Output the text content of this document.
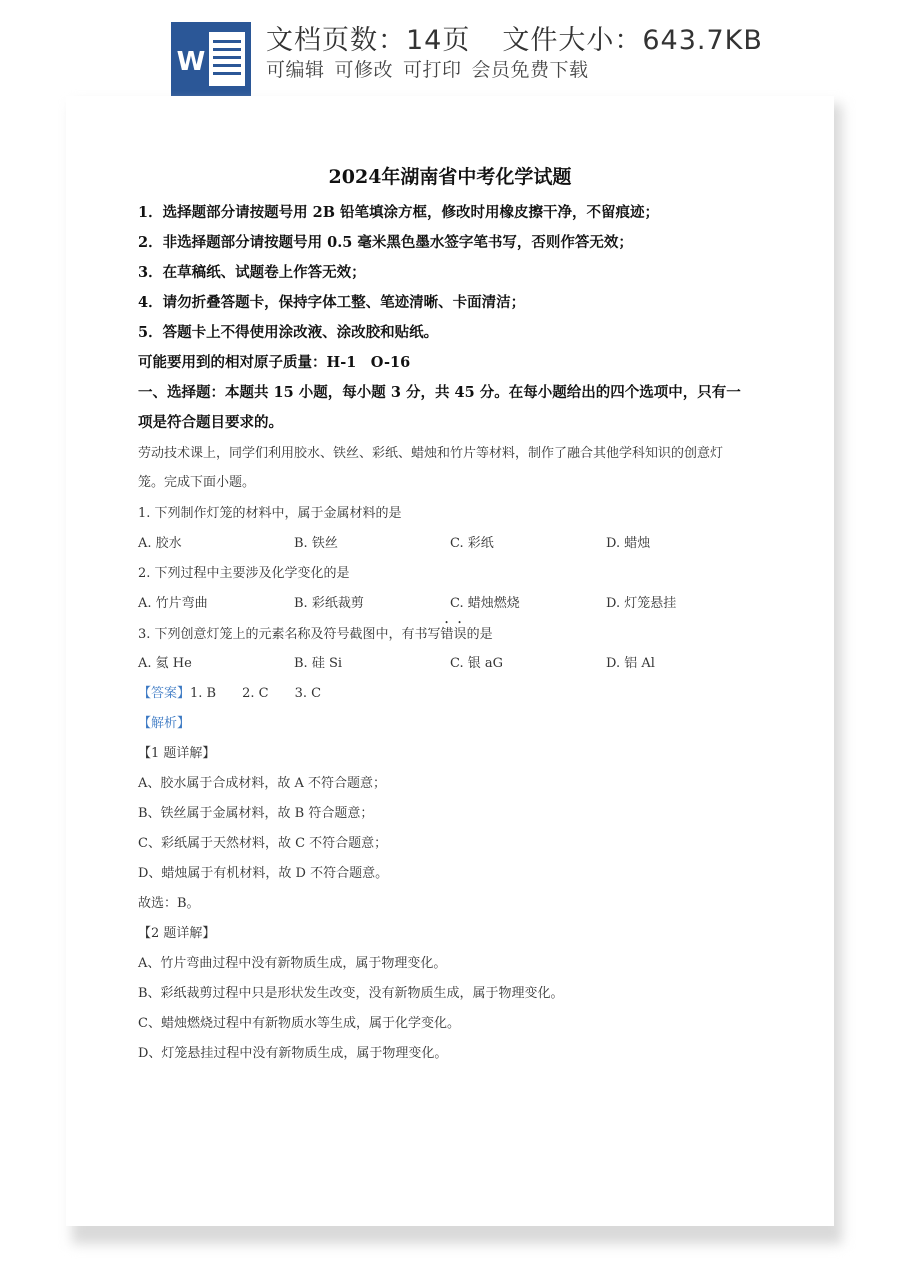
W
文档页数：14页 文件大小：643.7KB
可编辑 可修改 可打印 会员免费下载
2024年湖南省中考化学试题
1．选择题部分请按题号用 2B 铅笔填涂方框，修改时用橡皮擦干净，不留痕迹；
2．非选择题部分请按题号用 0.5 毫米黑色墨水签字笔书写，否则作答无效；
3．在草稿纸、试题卷上作答无效；
4．请勿折叠答题卡，保持字体工整、笔迹清晰、卡面清洁；
5．答题卡上不得使用涂改液、涂改胶和贴纸。
可能要用到的相对原子质量：H-1　O-16
一、选择题：本题共 15 小题，每小题 3 分，共 45 分。在每小题给出的四个选项中，只有一
项是符合题目要求的。
劳动技术课上，同学们利用胶水、铁丝、彩纸、蜡烛和竹片等材料，制作了融合其他学科知识的创意灯
笼。完成下面小题。
1. 下列制作灯笼的材料中，属于金属材料的是
A. 胶水	B. 铁丝	C. 彩纸	D. 蜡烛
2. 下列过程中主要涉及化学变化的是
A. 竹片弯曲	B. 彩纸裁剪	C. 蜡烛燃烧	D. 灯笼悬挂
3. 下列创意灯笼上的元素名称及符号截图中，有书写错误的是
A. 氦 He	B. 硅 Si	C. 银 aG	D. 铝 Al
【答案】1. B　　2. C　　3. C
【解析】
【1 题详解】
A、胶水属于合成材料，故 A 不符合题意；
B、铁丝属于金属材料，故 B 符合题意；
C、彩纸属于天然材料，故 C 不符合题意；
D、蜡烛属于有机材料，故 D 不符合题意。
故选：B。
【2 题详解】
A、竹片弯曲过程中没有新物质生成，属于物理变化。
B、彩纸裁剪过程中只是形状发生改变，没有新物质生成，属于物理变化。
C、蜡烛燃烧过程中有新物质水等生成，属于化学变化。
D、灯笼悬挂过程中没有新物质生成，属于物理变化。
